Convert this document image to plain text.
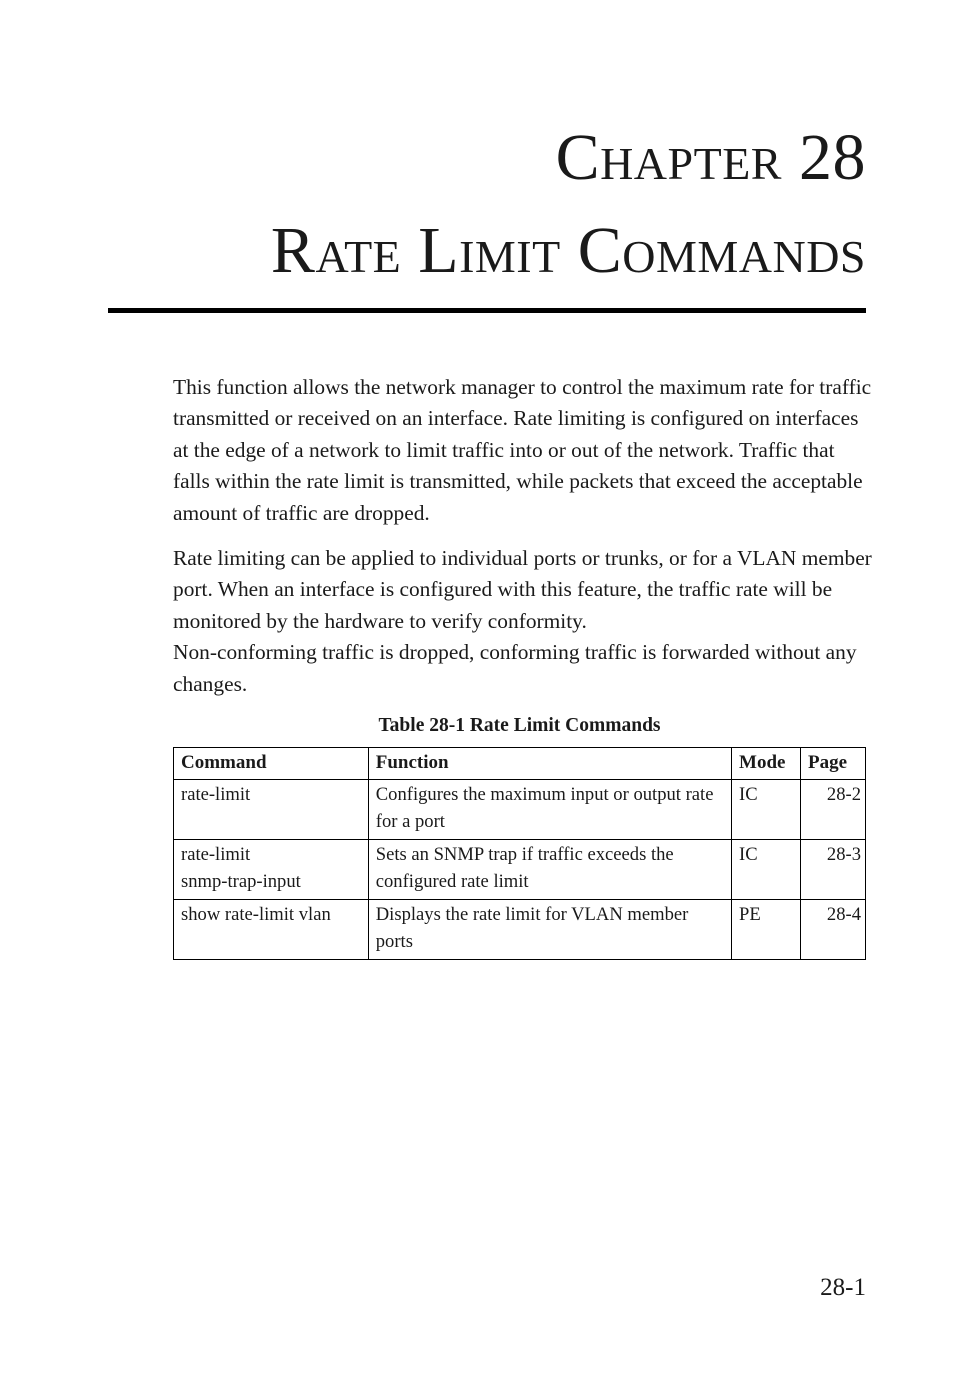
Chapter 28
Rate Limit Commands

This function allows the network manager to control the maximum rate for traffic transmitted or received on an interface. Rate limiting is configured on interfaces at the edge of a network to limit traffic into or out of the network. Traffic that falls within the rate limit is transmitted, while packets that exceed the acceptable amount of traffic are dropped.

Rate limiting can be applied to individual ports or trunks, or for a VLAN member port. When an interface is configured with this feature, the traffic rate will be monitored by the hardware to verify conformity.
Non-conforming traffic is dropped, conforming traffic is forwarded without any changes.

Table 28-1 Rate Limit Commands

Command	Function	Mode	Page
rate-limit	Configures the maximum input or output rate for a port	IC	28-2
rate-limit
snmp-trap-input	Sets an SNMP trap if traffic exceeds the configured rate limit	IC	28-3
show rate-limit vlan	Displays the rate limit for VLAN member ports	PE	28-4

28-1
